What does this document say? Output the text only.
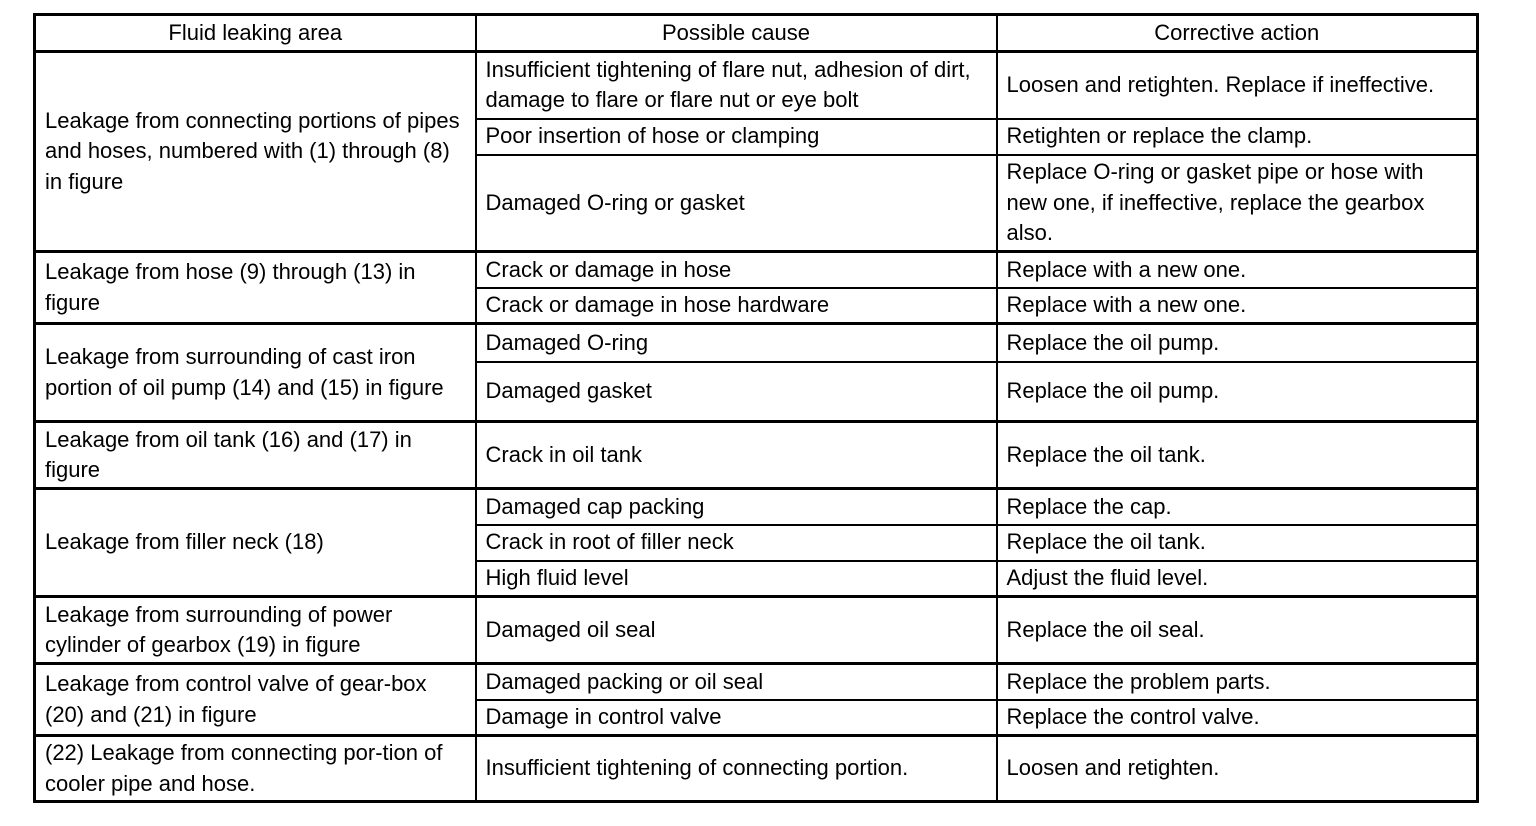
Fluid leaking area	Possible cause	Corrective action
Leakage from connecting portions of pipes and hoses, numbered with (1) through (8) in figure	Insufficient tightening of flare nut, adhesion of dirt, damage to flare or flare nut or eye bolt	Loosen and retighten. Replace if ineffective.
	Poor insertion of hose or clamping	Retighten or replace the clamp.
	Damaged O-ring or gasket	Replace O-ring or gasket pipe or hose with new one, if ineffective, replace the gearbox also.
Leakage from hose (9) through (13) in figure	Crack or damage in hose	Replace with a new one.
	Crack or damage in hose hardware	Replace with a new one.
Leakage from surrounding of cast iron portion of oil pump (14) and (15) in figure	Damaged O-ring	Replace the oil pump.
	Damaged gasket	Replace the oil pump.
Leakage from oil tank (16) and (17) in figure	Crack in oil tank	Replace the oil tank.
Leakage from filler neck (18)	Damaged cap packing	Replace the cap.
	Crack in root of filler neck	Replace the oil tank.
	High fluid level	Adjust the fluid level.
Leakage from surrounding of power cylinder of gearbox (19) in figure	Damaged oil seal	Replace the oil seal.
Leakage from control valve of gear-box (20) and (21) in figure	Damaged packing or oil seal	Replace the problem parts.
	Damage in control valve	Replace the control valve.
(22) Leakage from connecting por-tion of cooler pipe and hose.	Insufficient tightening of connecting portion.	Loosen and retighten.
